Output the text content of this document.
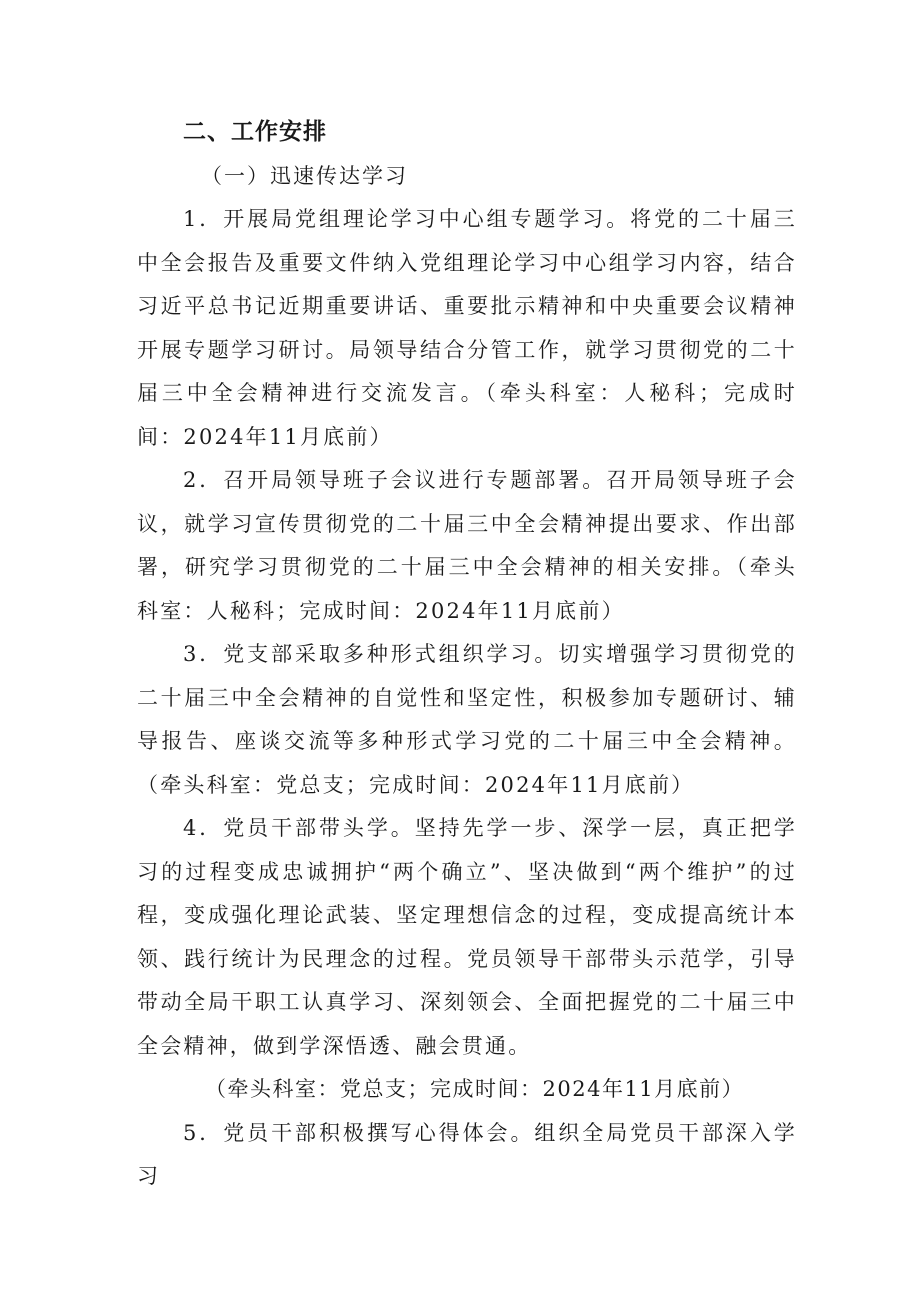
二、工作安排
（一）迅速传达学习

1．开展局党组理论学习中心组专题学习。将党的二十届三中全会报告及重要文件纳入党组理论学习中心组学习内容，结合习近平总书记近期重要讲话、重要批示精神和中央重要会议精神开展专题学习研讨。局领导结合分管工作，就学习贯彻党的二十届三中全会精神进行交流发言。（牵头科室：人秘科；完成时间：2024年11月底前）

2．召开局领导班子会议进行专题部署。召开局领导班子会议，就学习宣传贯彻党的二十届三中全会精神提出要求、作出部署，研究学习贯彻党的二十届三中全会精神的相关安排。（牵头科室：人秘科；完成时间：2024年11月底前）

3．党支部采取多种形式组织学习。切实增强学习贯彻党的二十届三中全会精神的自觉性和坚定性，积极参加专题研讨、辅导报告、座谈交流等多种形式学习党的二十届三中全会精神。（牵头科室：党总支；完成时间：2024年11月底前）

4．党员干部带头学。坚持先学一步、深学一层，真正把学习的过程变成忠诚拥护“两个确立”、坚决做到“两个维护”的过程，变成强化理论武装、坚定理想信念的过程，变成提高统计本领、践行统计为民理念的过程。党员领导干部带头示范学，引导带动全局干职工认真学习、深刻领会、全面把握党的二十届三中全会精神，做到学深悟透、融会贯通。

（牵头科室：党总支；完成时间：2024年11月底前）

5．党员干部积极撰写心得体会。组织全局党员干部深入学习
